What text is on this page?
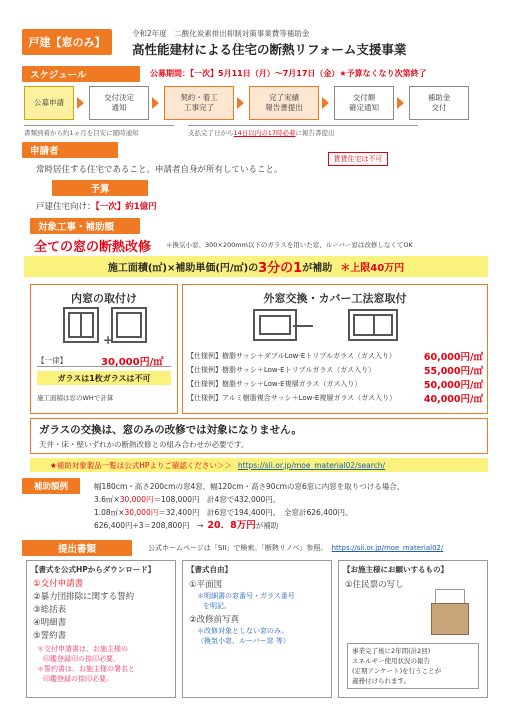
戸建【窓のみ】
令和2年度　二酸化炭素排出抑制対策事業費等補助金
高性能建材による住宅の断熱リフォーム支援事業
スケジュール	公募期間：【一次】5月11日（月）〜7月17日（金）★予算なくなり次第終了
公募申請
交付決定
通知
契約・着工
工事完了
完了実績
報告書提出
交付額
確定通知
補助金
交付
書類到着から約1ヵ月を目安に随時通知	支払完了日から14日以内の17時必着に報告書提出
申請者
常時居住する住宅であること。申請者自身が所有していること。
賃貸住宅は不可
予算
戸建住宅向け：【一次】約1億円
対象工事・補助額
全ての窓の断熱改修 ＊換気小窓、300×200mm以下のガラスを用いた窓、ルーバー窓は改修しなくてOK
施工面積(㎡)×補助単価(円/㎡)の 3分の1 が補助 ＊上限40万円
内窓の取付け
+
【一律】	30,000円/㎡
ガラスは1枚ガラスは不可
施工面積は窓のWHで計算
外窓交換・カバー工法窓取付
【仕様例】樹脂サッシ＋ダブルLow-Eトリプルガラス（ガス入り）	60,000円/㎡
【仕様例】樹脂サッシ＋Low-Eトリプルガラス（ガス入り）	55,000円/㎡
【仕様例】樹脂サッシ＋Low-E複層ガラス（ガス入り）	50,000円/㎡
【仕様例】アルミ樹脂複合サッシ＋Low-E複層ガラス（ガス入り）	40,000円/㎡
ガラスの交換は、窓のみの改修では対象になりません。
天井・床・壁いずれかの断熱改修との組み合わせが必要です。
★補助対象製品一覧は公式HPよりご確認ください＞＞ https://sii.or.jp/moe_material02/search/
補助額例	幅180cm・高さ200cmの窓4窓、幅120cm・高さ90cmの窓6窓に内窓を取りつける場合、
3.6㎡×30,000円＝108,000円　計4窓で432,000円。
1.08㎡×30,000円＝32,400円　計6窓で194,400円。　全窓計626,400円。
626,400円÷3＝208,800円　→ 20．8万円が補助
提出書類	公式ホームページは「SII」で検索。「断熱リノベ」参照。 https://sii.or.jp/moe_material02/
【書式を公式HPからダウンロード】
①交付申請書
②暴力団排除に関する誓約
③総括表
④明細書
⑤誓約書
＊交付申請書は、お施主様の
印鑑登録印の捺印必要。
＊誓約書は、お施主様の署名と
印鑑登録の捺印必要。
【書式自由】
①平面図
＊明細書の窓番号・ガラス番号
を明記。
②改修前写真
＊改修対象としない窓のみ。
（換気小窓、ルーバー窓 等）
【お施主様にお願いするもの】
①住民票の写し
事業完了後に2年間(計2回)
エネルギー使用状況の報告
(定期アンケート)を行うことが
義務付けられます。
